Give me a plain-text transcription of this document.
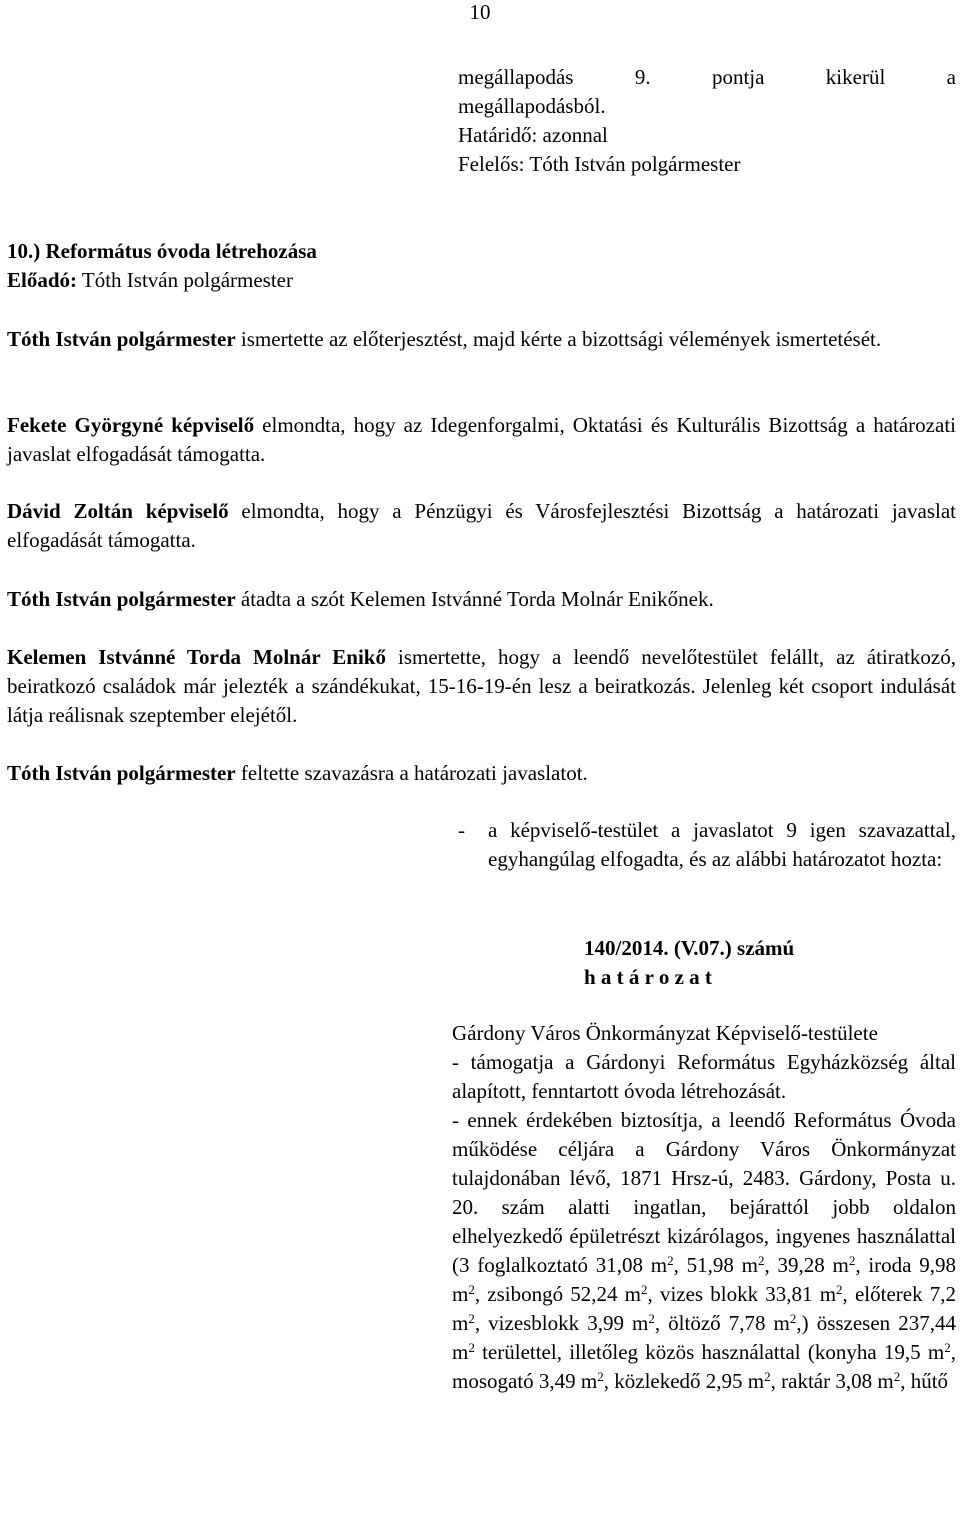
10

megállapodás 9. pontja kikerül a

megállapodásból.

Határidő: azonnal

Felelős: Tóth István polgármester

10.) Református óvoda létrehozása

Előadó: Tóth István polgármester

Tóth István polgármester ismertette az előterjesztést, majd kérte a bizottsági vélemények ismertetését.

Fekete Györgyné képviselő elmondta, hogy az Idegenforgalmi, Oktatási és Kulturális Bizottság a határozati javaslat elfogadását támogatta.

Dávid Zoltán képviselő elmondta, hogy a Pénzügyi és Városfejlesztési Bizottság a határozati javaslat elfogadását támogatta.

Tóth István polgármester átadta a szót Kelemen Istvánné Torda Molnár Enikőnek.

Kelemen Istvánné Torda Molnár Enikő ismertette, hogy a leendő nevelőtestület felállt, az átiratkozó, beiratkozó családok már jelezték a szándékukat, 15-16-19-én lesz a beiratkozás. Jelenleg két csoport indulását látja reálisnak szeptember elejétől.

Tóth István polgármester feltette szavazásra a határozati javaslatot.

-	a képviselő-testület a javaslatot 9 igen szavazattal, egyhangúlag elfogadta, és az alábbi határozatot hozta:
140/2014. (V.07.) számú
h a t á r o z a t

Gárdony Város Önkormányzat Képviselő-testülete

- támogatja a Gárdonyi Református Egyházközség által alapított, fenntartott óvoda létrehozását.

- ennek érdekében biztosítja, a leendő Református Óvoda működése céljára a Gárdony Város Önkormányzat tulajdonában lévő, 1871 Hrsz-ú, 2483. Gárdony, Posta u. 20. szám alatti ingatlan, bejárattól jobb oldalon elhelyezkedő épületrészt kizárólagos, ingyenes használattal (3 foglalkoztató 31,08 $m^2$, 51,98 $m^2$, 39,28 $m^2$, iroda 9,98 $m^2$, zsibongó 52,24 $m^2$, vizes blokk 33,81 $m^2$, előterek 7,2 $m^2$, vizesblokk 3,99 $m^2$, öltöző 7,78 $m^2$,) összesen 237,44 $m^2$ területtel, illetőleg közös használattal (konyha 19,5 $m^2$, mosogató 3,49 $m^2$, közlekedő 2,95 $m^2$, raktár 3,08 $m^2$, hűtő
